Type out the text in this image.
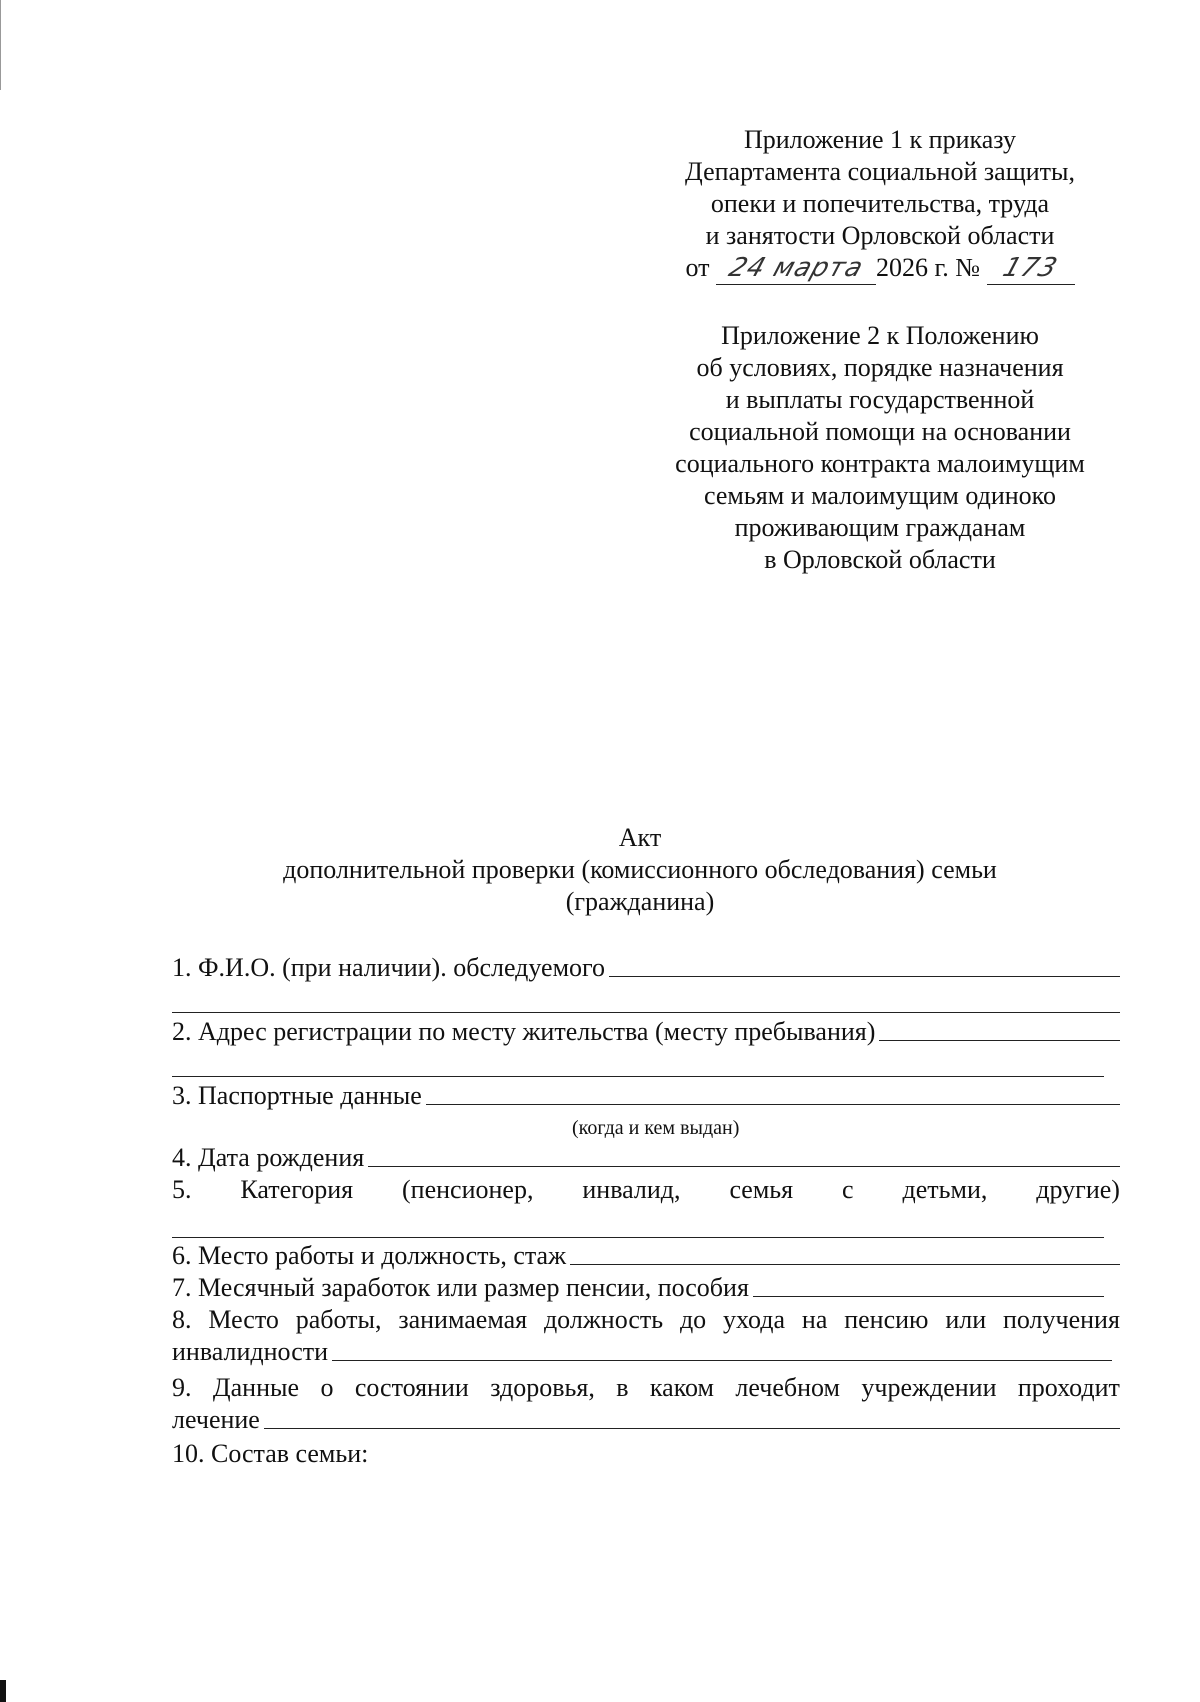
Приложение 1 к приказу
Департамента социальной защиты,
опеки и попечительства, труда
и занятости Орловской области
от 24 марта 2026 г. № 173
Приложение 2 к Положению
об условиях, порядке назначения
и выплаты государственной
социальной помощи на основании
социального контракта малоимущим
семьям и малоимущим одиноко
проживающим гражданам
в Орловской области
Акт
дополнительной проверки (комиссионного обследования) семьи
(гражданина)
1. Ф.И.О. (при наличии). обследуемого
2. Адрес регистрации по месту жительства (месту пребывания)
3. Паспортные данные
(когда и кем выдан)
4. Дата рождения
5. Категория (пенсионер, инвалид, семья с детьми, другие)
6. Место работы и должность, стаж
7. Месячный заработок или размер пенсии, пособия
8. Место работы, занимаемая должность до ухода на пенсию или получения
инвалидности
9. Данные о состоянии здоровья, в каком лечебном учреждении проходит
лечение
10. Состав семьи:
